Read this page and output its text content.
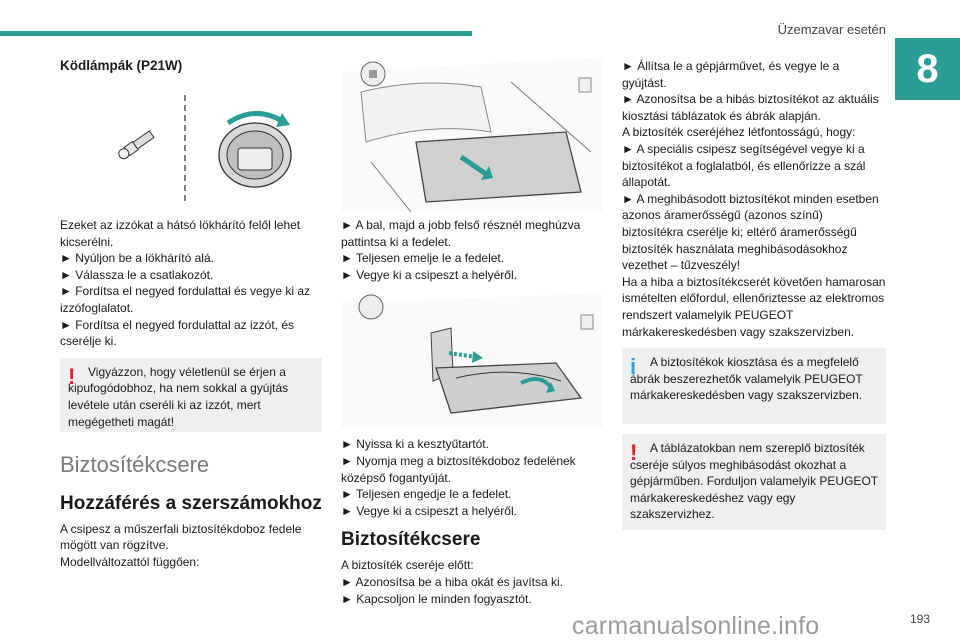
Üzemzavar esetén
8

Ködlámpák (P21W)

Ezeket az izzókat a hátsó lökhárító felől lehet kicserélni.

► Nyúljon be a lökhárító alá.

► Válassza le a csatlakozót.

► Fordítsa el negyed fordulattal és vegye ki az izzófoglalatot.

► Fordítsa el negyed fordulattal az izzót, és cserélje ki.

!	Vigyázzon, hogy véletlenül se érjen a kipufogódobhoz, ha nem sokkal a gyújtás levétele után cseréli ki az izzót, mert megégetheti magát!

Biztosítékcsere

Hozzáférés a szerszámokhoz

A csipesz a műszerfali biztosítékdoboz fedele mögött van rögzítve.

Modellváltozattól függően:

► A bal, majd a jobb felső résznél meghúzva pattintsa ki a fedelet.

► Teljesen emelje le a fedelet.

► Vegye ki a csipeszt a helyéről.

► Nyissa ki a kesztyűtartót.

► Nyomja meg a biztosítékdoboz fedelének középső fogantyúját.

► Teljesen engedje le a fedelet.

► Vegye ki a csipeszt a helyéről.

Biztosítékcsere

A biztosíték cseréje előtt:

► Azonosítsa be a hiba okát és javítsa ki.

► Kapcsoljon le minden fogyasztót.

► Állítsa le a gépjárművet, és vegye le a gyújtást.

► Azonosítsa be a hibás biztosítékot az aktuális kiosztási táblázatok és ábrák alapján.

A biztosíték cseréjéhez létfontosságú, hogy:

► A speciális csipesz segítségével vegye ki a biztosítékot a foglalatból, és ellenőrizze a szál állapotát.

► A meghibásodott biztosítékot minden esetben azonos áramerősségű (azonos színű) biztosítékra cserélje ki; eltérő áramerősségű biztosíték használata meghibásodásokhoz vezethet – tűzveszély!

Ha a hiba a biztosítékcserét követően hamarosan ismételten előfordul, ellenőriztesse az elektromos rendszert valamelyik PEUGEOT márkakereskedésben vagy szakszervizben.

i	A biztosítékok kiosztása és a megfelelő ábrák beszerezhetők valamelyik PEUGEOT márkakereskedésben vagy szakszervizben.
!	A táblázatokban nem szereplő biztosíték cseréje súlyos meghibásodást okozhat a gépjárműben. Forduljon valamelyik PEUGEOT márkakereskedéshez vagy egy szakszervizhez.
carmanualsonline.info	193
